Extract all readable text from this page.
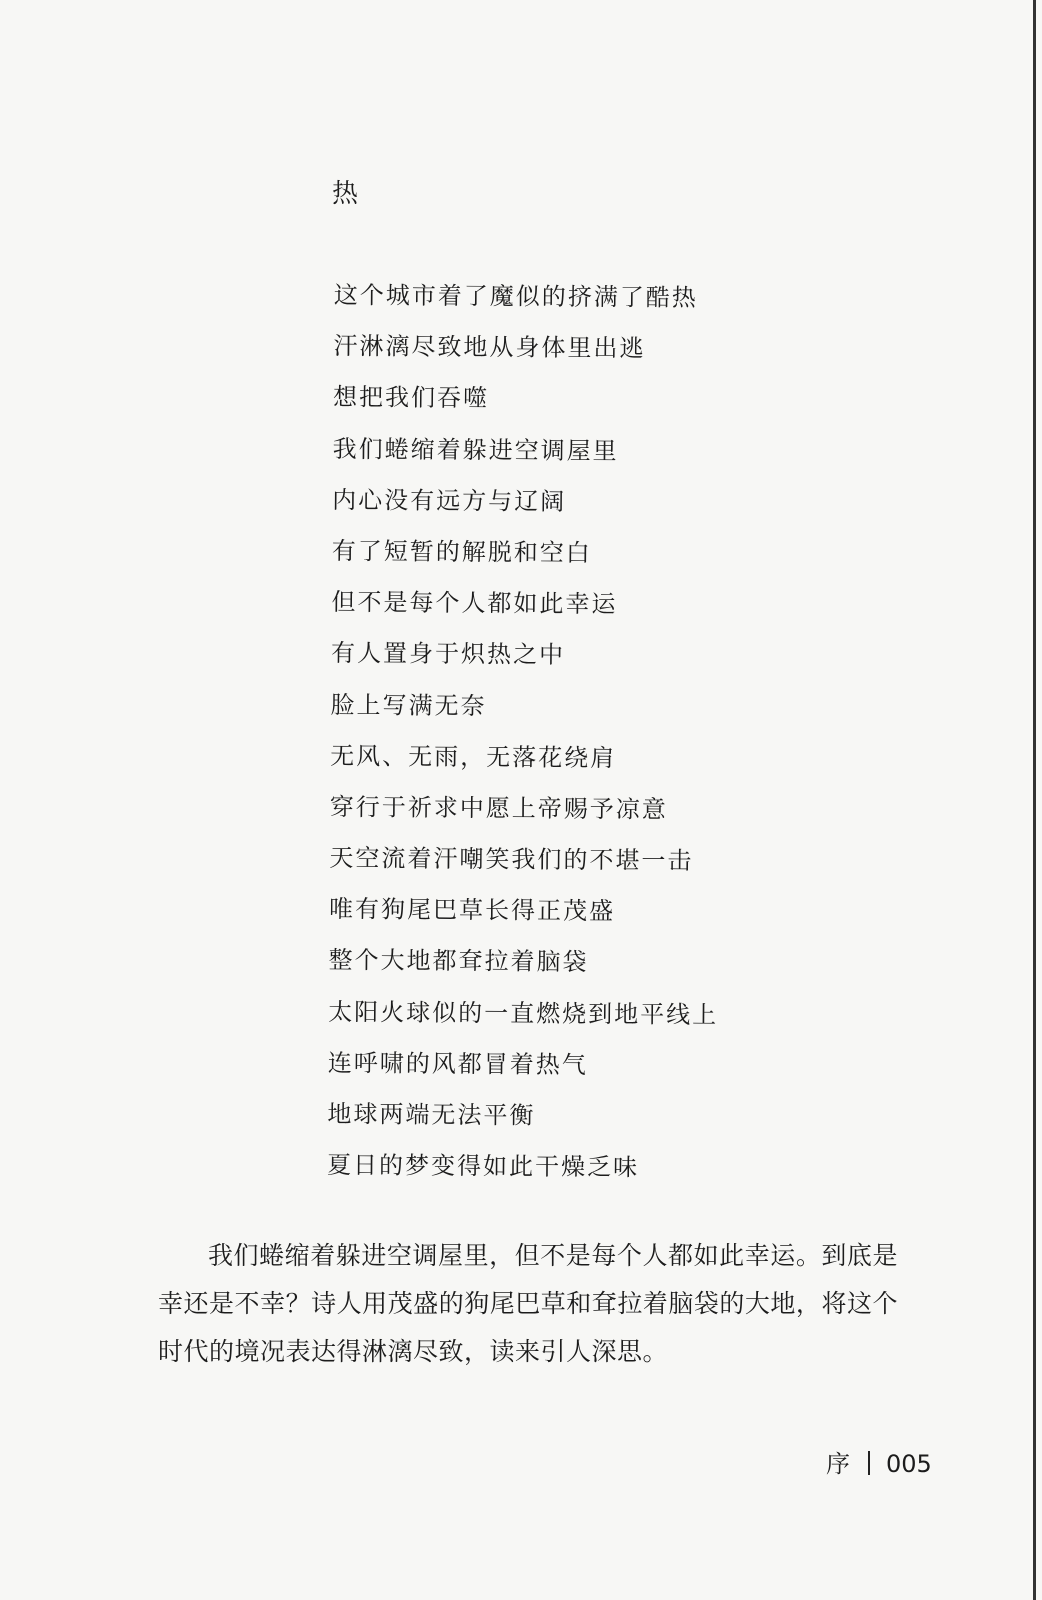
热
这个城市着了魔似的挤满了酷热
汗淋漓尽致地从身体里出逃
想把我们吞噬
我们蜷缩着躲进空调屋里
内心没有远方与辽阔
有了短暂的解脱和空白
但不是每个人都如此幸运
有人置身于炽热之中
脸上写满无奈
无风、无雨，无落花绕肩
穿行于祈求中愿上帝赐予凉意
天空流着汗嘲笑我们的不堪一击
唯有狗尾巴草长得正茂盛
整个大地都耷拉着脑袋
太阳火球似的一直燃烧到地平线上
连呼啸的风都冒着热气
地球两端无法平衡
夏日的梦变得如此干燥乏味

我们蜷缩着躲进空调屋里，但不是每个人都如此幸运。到底是幸还是不幸？诗人用茂盛的狗尾巴草和耷拉着脑袋的大地，将这个时代的境况表达得淋漓尽致，读来引人深思。

序 005
